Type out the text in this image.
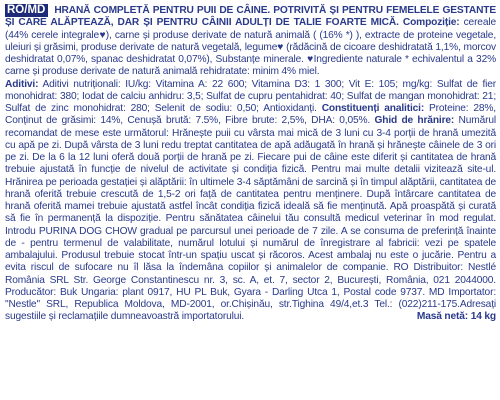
RO/MD HRANĂ COMPLETĂ PENTRU PUII DE CÂINE. POTRIVITĂ ȘI PENTRU FEMELELE GESTANTE ȘI CARE ALĂPTEAZĂ, DAR ȘI PENTRU CÂINII ADULȚI DE TALIE FOARTE MICĂ. Compoziție: cereale (44% cerele integrale♥), carne și produse derivate de natură animală ( (16% *) ), extracte de proteine vegetale, uleiuri și grăsimi, produse derivate de natură vegetală, legume♥ (rădăcină de cicoare deshidratată 1,1%, morcov deshidratat 0,07%, spanac deshidratat 0,07%), Substanțe minerale. ♥Ingrediente naturale * echivalentul a 32% carne și produse derivate de natură animală rehidratate: minim 4% miel.
Aditivi: Aditivi nutriționali: IU/kg: Vitamina A: 22 600; Vitamina D3: 1 300; Vit E: 105; mg/kg: Sulfat de fier monohidrat: 380; Iodat de calciu anhidru: 3,5; Sulfat de cupru pentahidrat: 40; Sulfat de mangan monohidrat: 21; Sulfat de zinc monohidrat: 280; Selenit de sodiu: 0,50; Antioxidanți. Constituenți analitici: Proteine: 28%, Conținut de grăsimi: 14%, Cenușă brută: 7.5%, Fibre brute: 2,5%, DHA: 0,05%. Ghid de hrănire: Numărul recomandat de mese este următorul: Hrănește puii cu vârsta mai mică de 3 luni cu 3-4 porții de hrană umezită cu apă pe zi. După vârsta de 3 luni redu treptat cantitatea de apă adăugată în hrană și hrănește câinele de 3 ori pe zi. De la 6 la 12 luni oferă două porții de hrană pe zi. Fiecare pui de câine este diferit și cantitatea de hrană trebuie ajustată în funcție de nivelul de activitate și condiția fizică. Pentru mai multe detalii vizitează site-ul. Hrănirea pe perioada gestației și alăptării: în ultimele 3-4 săptămâni de sarcină și în timpul alăptării, cantitatea de hrană oferită trebuie crescută de 1,5-2 ori față de cantitatea pentru menținere. După întârcare cantitatea de hrană oferită mamei trebuie ajustată astfel încât condiția fizică ideală să fie menținută. Apă proaspătă și curată să fie în permanență la dispoziție. Pentru sănătatea câinelui tău consultă medicul veterinar în mod regulat. Introdu PURINA DOG CHOW gradual pe parcursul unei perioade de 7 zile. A se consuma de preferință înainte de - pentru termenul de valabilitate, numărul lotului și numărul de înregistrare al fabricii: vezi pe spatele ambalajului. Produsul trebuie stocat într-un spațiu uscat și răcoros. Acest ambalaj nu este o jucărie. Pentru a evita riscul de sufocare nu îl lăsa la îndemâna copiilor și animalelor de companie. RO Distribuitor: Nestlé România SRL Str. George Constantinescu nr. 3, sc. A, et. 7, sector 2, București, România, 021 2044000. Producător: Buk Ungaria: plant 0917, HU PL Buk, Gyara - Darling Utca 1, Postal code 9737. MD Importator: "Nestle" SRL, Republica Moldova, MD-2001, or.Chișinău, str.Tighina 49/4,et.3 Tel.: (022)211-175.Adresați sugestiile și reclamațiile dumneavoastră importatorului.	Masă netă: 14 kg
